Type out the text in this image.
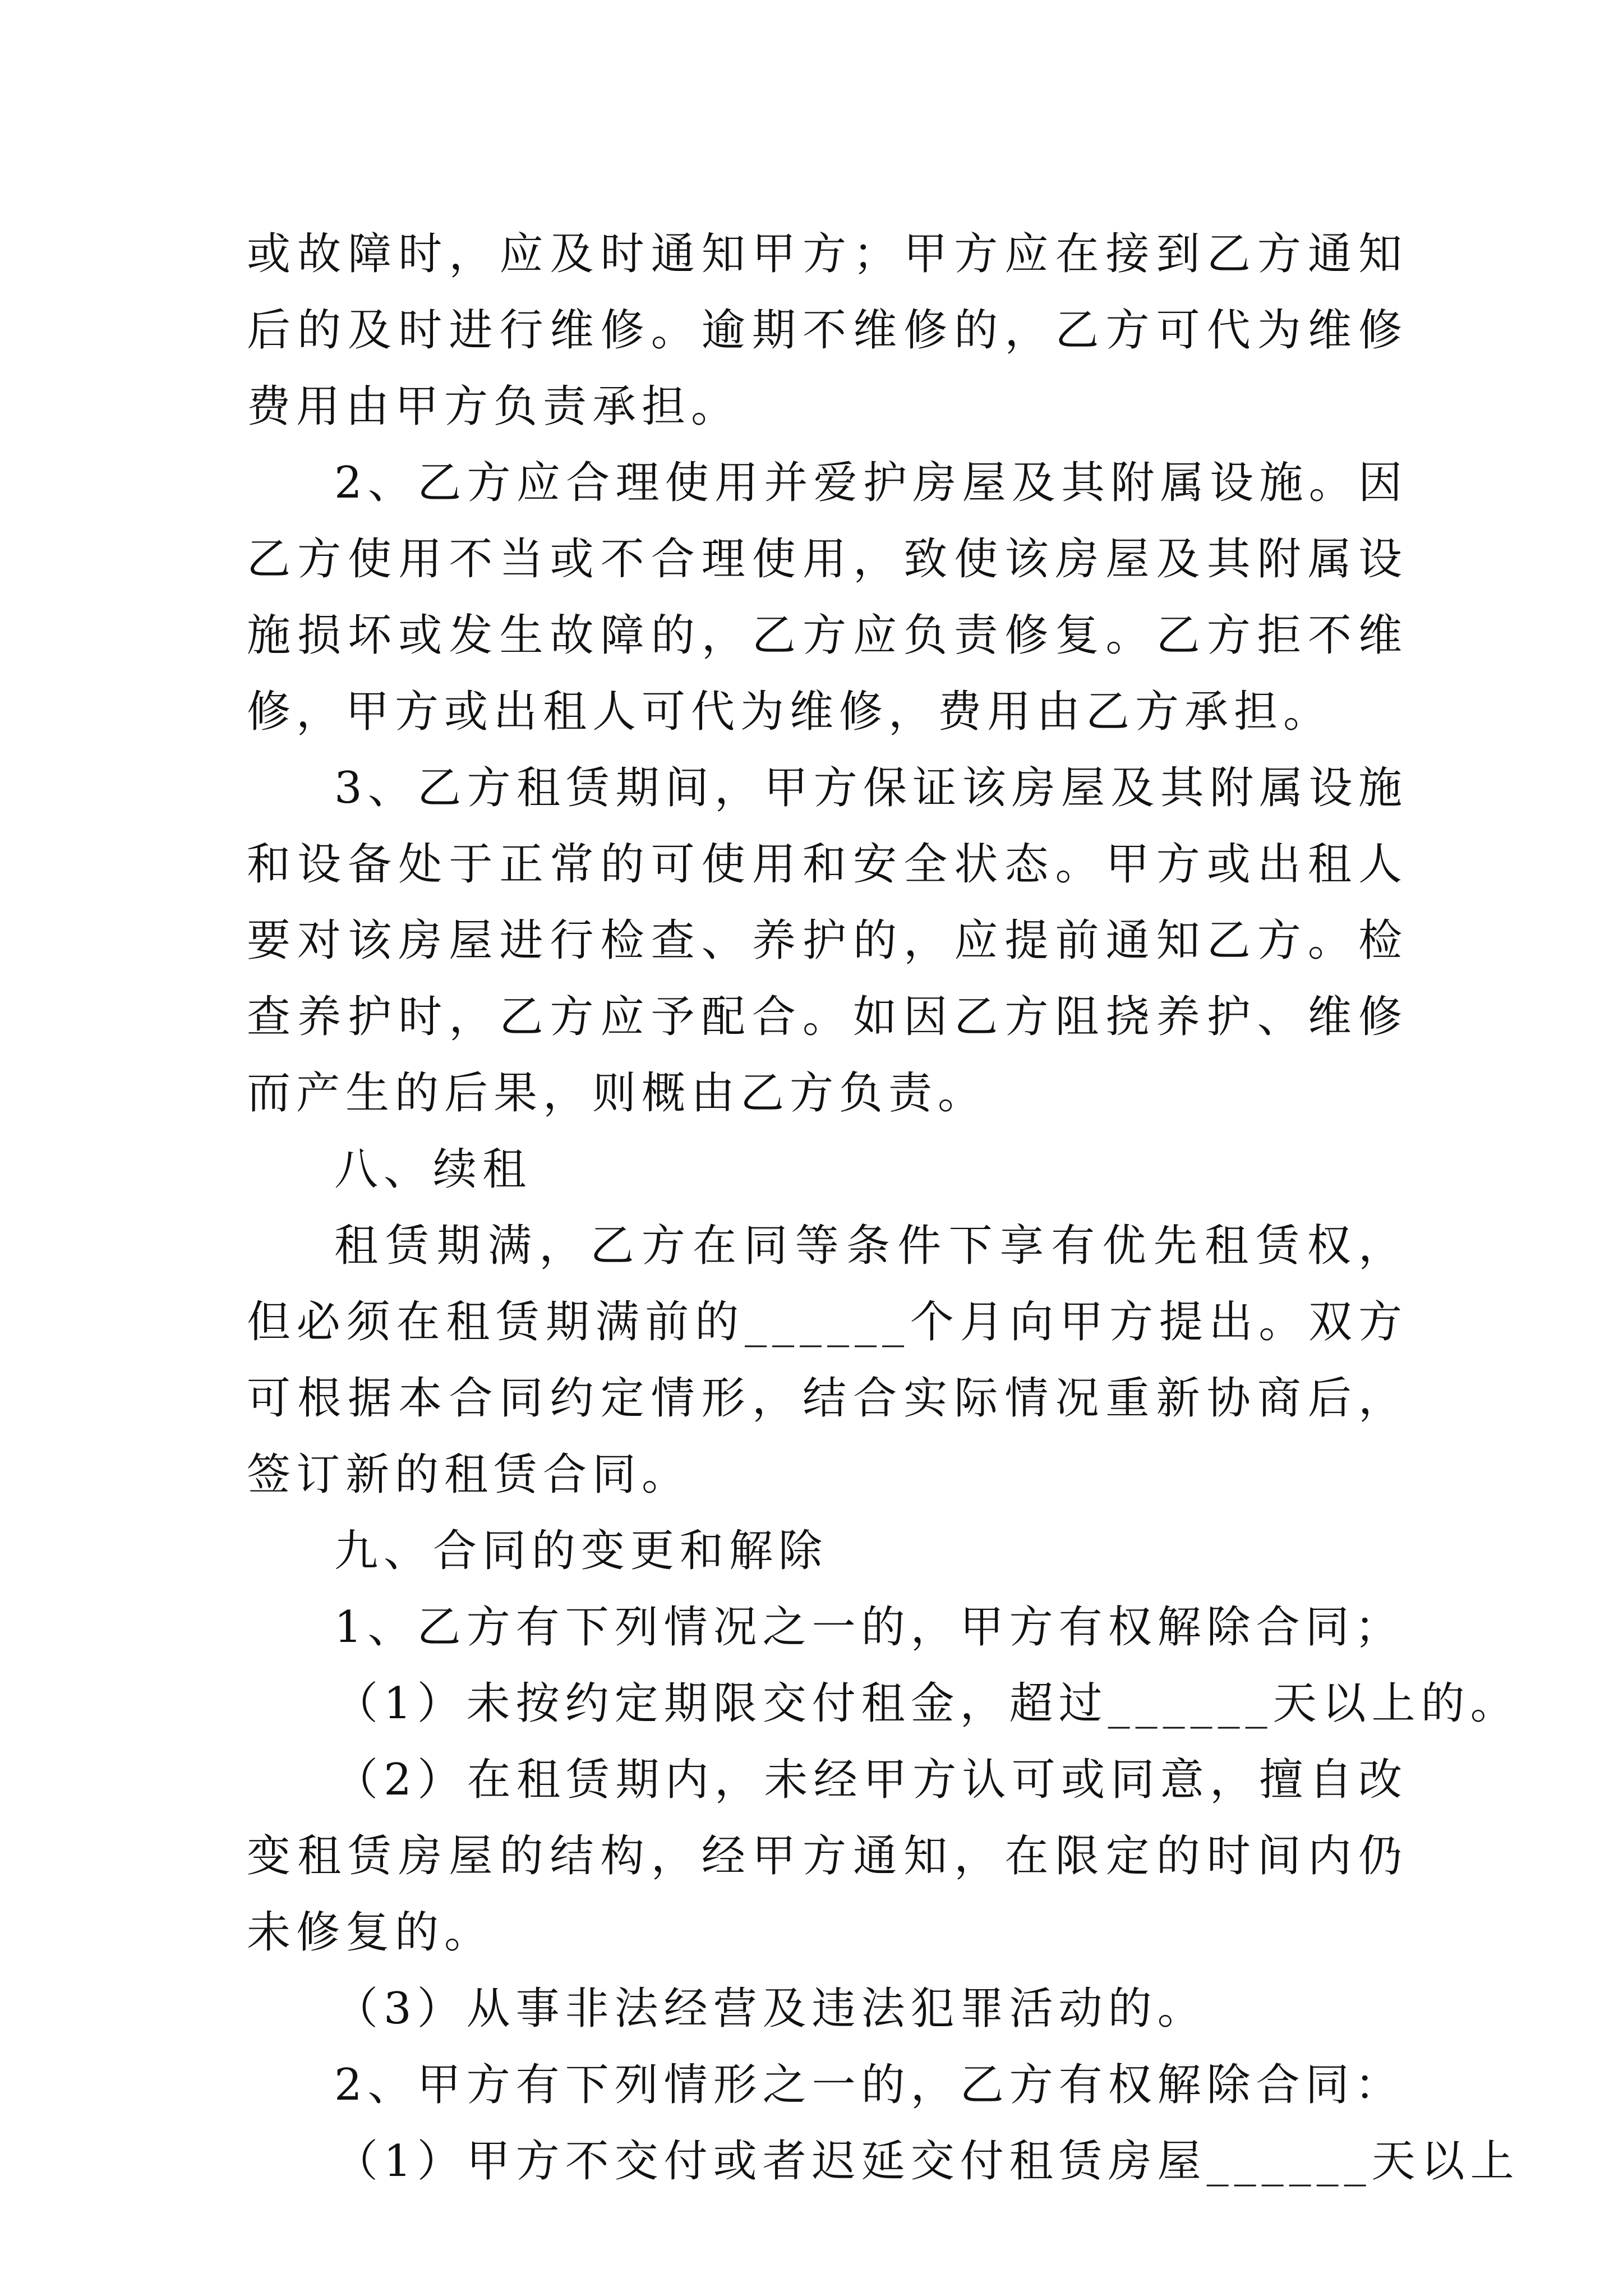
或故障时，应及时通知甲方；甲方应在接到乙方通知后的及时进行维修。逾期不维修的，乙方可代为维修费用由甲方负责承担。

2、乙方应合理使用并爱护房屋及其附属设施。因乙方使用不当或不合理使用，致使该房屋及其附属设施损坏或发生故障的，乙方应负责修复。乙方拒不维修，甲方或出租人可代为维修，费用由乙方承担。

3、乙方租赁期间，甲方保证该房屋及其附属设施和设备处于正常的可使用和安全状态。甲方或出租人要对该房屋进行检查、养护的，应提前通知乙方。检查养护时，乙方应予配合。如因乙方阻挠养护、维修而产生的后果，则概由乙方负责。

八、续租

租赁期满，乙方在同等条件下享有优先租赁权，但必须在租赁期满前的______个月向甲方提出。双方可根据本合同约定情形，结合实际情况重新协商后，签订新的租赁合同。

九、合同的变更和解除

1、乙方有下列情况之一的，甲方有权解除合同；

（1）未按约定期限交付租金，超过______天以上的。

（2）在租赁期内，未经甲方认可或同意，擅自改变租赁房屋的结构，经甲方通知，在限定的时间内仍未修复的。

（3）从事非法经营及违法犯罪活动的。

2、甲方有下列情形之一的，乙方有权解除合同：

（1）甲方不交付或者迟延交付租赁房屋______天以上
